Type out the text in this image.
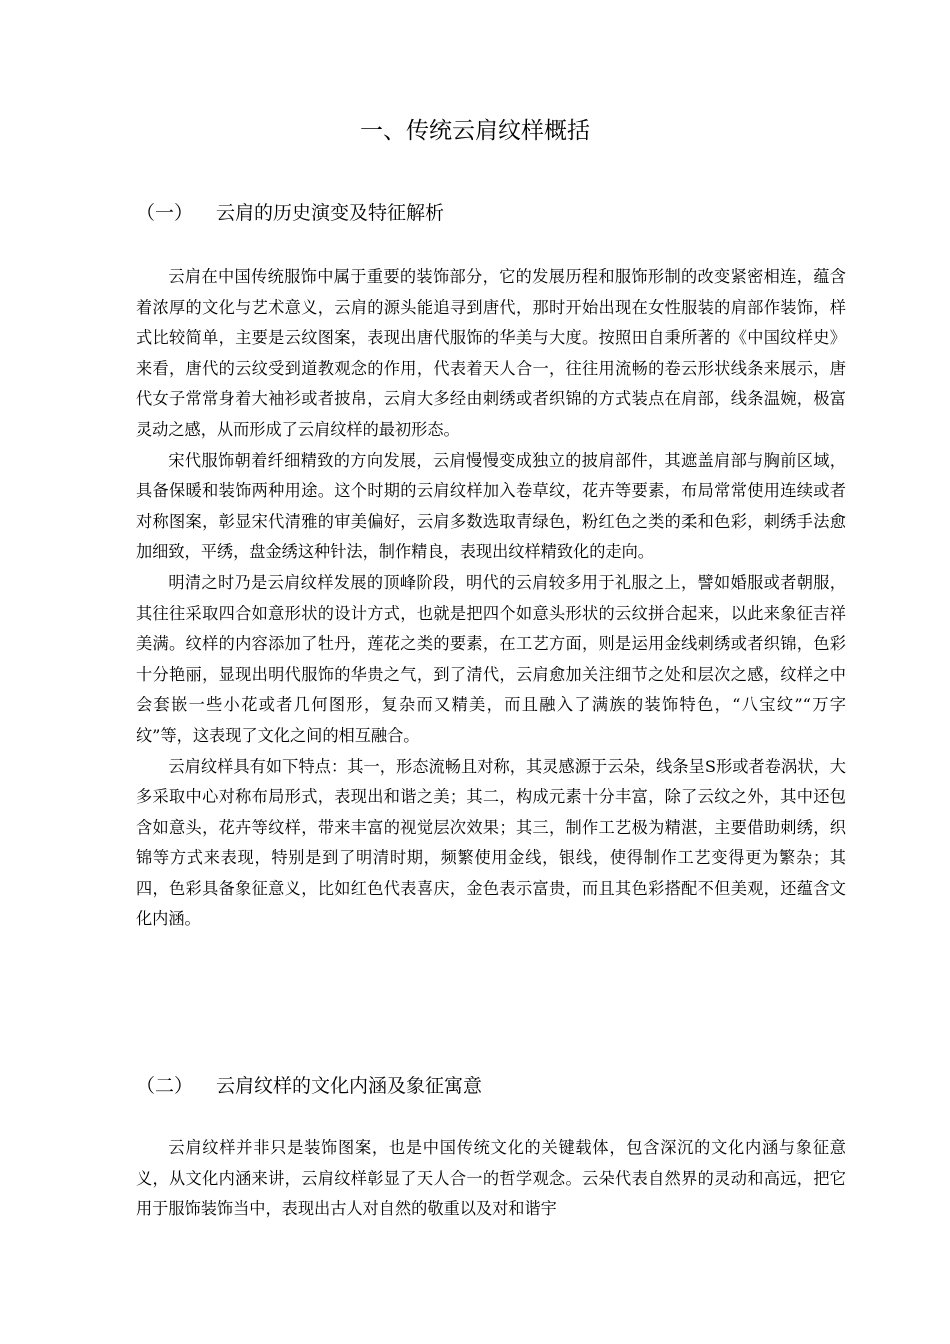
一、传统云肩纹样概括
（一） 云肩的历史演变及特征解析

云肩在中国传统服饰中属于重要的装饰部分，它的发展历程和服饰形制的改变紧密相连，蕴含着浓厚的文化与艺术意义，云肩的源头能追寻到唐代，那时开始出现在女性服装的肩部作装饰，样式比较简单，主要是云纹图案，表现出唐代服饰的华美与大度。按照田自秉所著的《中国纹样史》来看，唐代的云纹受到道教观念的作用，代表着天人合一，往往用流畅的卷云形状线条来展示，唐代女子常常身着大袖衫或者披帛，云肩大多经由刺绣或者织锦的方式装点在肩部，线条温婉，极富灵动之感，从而形成了云肩纹样的最初形态。

宋代服饰朝着纤细精致的方向发展，云肩慢慢变成独立的披肩部件，其遮盖肩部与胸前区域，具备保暖和装饰两种用途。这个时期的云肩纹样加入卷草纹，花卉等要素，布局常常使用连续或者对称图案，彰显宋代清雅的审美偏好，云肩多数选取青绿色，粉红色之类的柔和色彩，刺绣手法愈加细致，平绣，盘金绣这种针法，制作精良，表现出纹样精致化的走向。

明清之时乃是云肩纹样发展的顶峰阶段，明代的云肩较多用于礼服之上，譬如婚服或者朝服，其往往采取四合如意形状的设计方式，也就是把四个如意头形状的云纹拼合起来，以此来象征吉祥美满。纹样的内容添加了牡丹，莲花之类的要素，在工艺方面，则是运用金线刺绣或者织锦，色彩十分艳丽，显现出明代服饰的华贵之气，到了清代，云肩愈加关注细节之处和层次之感，纹样之中会套嵌一些小花或者几何图形，复杂而又精美，而且融入了满族的装饰特色，“八宝纹”“万字纹”等，这表现了文化之间的相互融合。

云肩纹样具有如下特点：其一，形态流畅且对称，其灵感源于云朵，线条呈S形或者卷涡状，大多采取中心对称布局形式，表现出和谐之美；其二，构成元素十分丰富，除了云纹之外，其中还包含如意头，花卉等纹样，带来丰富的视觉层次效果；其三，制作工艺极为精湛，主要借助刺绣，织锦等方式来表现，特别是到了明清时期，频繁使用金线，银线，使得制作工艺变得更为繁杂；其四，色彩具备象征意义，比如红色代表喜庆，金色表示富贵，而且其色彩搭配不但美观，还蕴含文化内涵。

（二） 云肩纹样的文化内涵及象征寓意

云肩纹样并非只是装饰图案，也是中国传统文化的关键载体，包含深沉的文化内涵与象征意义，从文化内涵来讲，云肩纹样彰显了天人合一的哲学观念。云朵代表自然界的灵动和高远，把它用于服饰装饰当中，表现出古人对自然的敬重以及对和谐宇
